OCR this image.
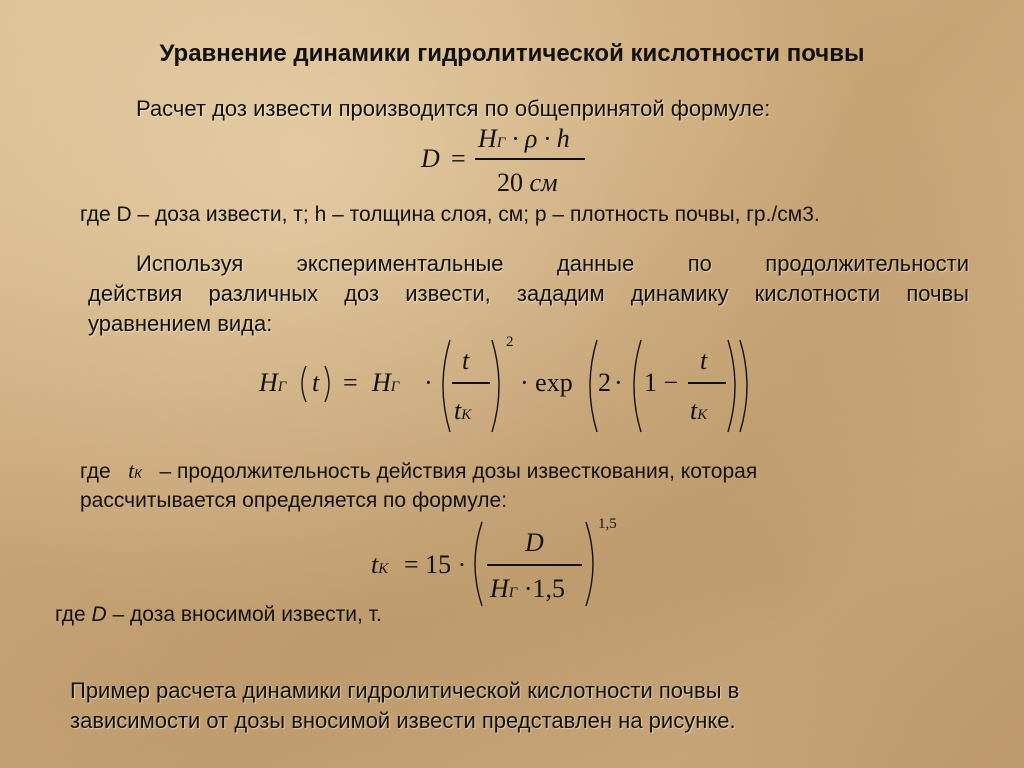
Уравнение динамики гидролитической кислотности почвы
Расчет доз извести производится по общепринятой формуле:
D =
HГ · ρ · h
20 см
где D – доза извести, т; h – толщина слоя, см; p – плотность почвы, гр./см3.
Используя экспериментальные данные по продолжительности
действия различных доз извести, зададим динамику кислотности почвы
уравнением вида:
HГ t = HГ ·
t
tК
2
· exp 2 · 1 −
t
tК
где tК – продолжительность действия дозы известкования, которая
рассчитывается определяется по формуле:
tК = 15 ·
D
HГ ·1,5
1,5
где D – доза вносимой извести, т.
Пример расчета динамики гидролитической кислотности почвы в
зависимости от дозы вносимой извести представлен на рисунке.
